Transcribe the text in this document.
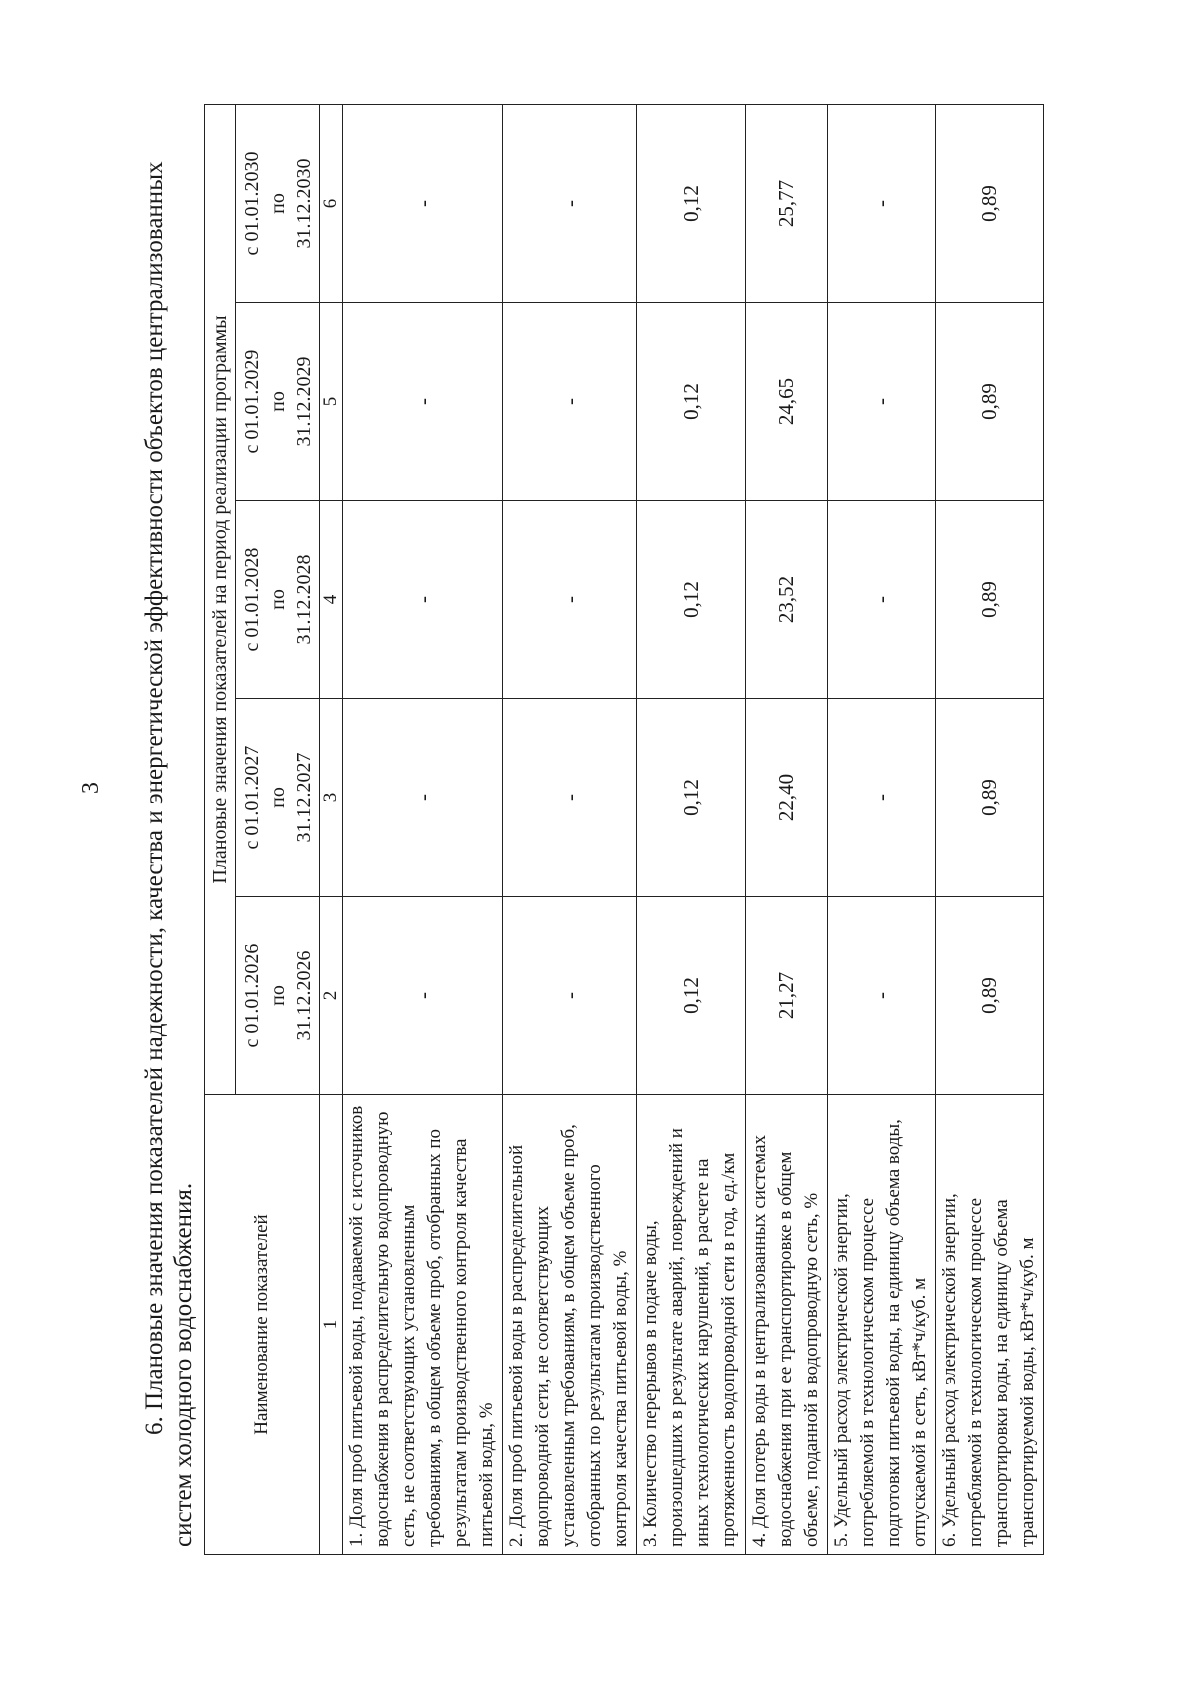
3 6. Плановые значения показателей надежности, качества и энергетической эффективности объектов централизованных систем холодного водоснабжения.	Наименование показателей	Плановые значения показателей на период реализации программы				
	с 01.01.2026 по 31.12.2026	с 01.01.2027 по 31.12.2027	с 01.01.2028 по 31.12.2028	с 01.01.2029 по 31.12.2029	с 01.01.2030 по 31.12.2030
1	2	3	4	5	6
1. Доля проб питьевой воды, подаваемой с источников водоснабжения в распределительную водопроводную сеть, не соответствующих установленным требованиям, в общем объеме проб, отобранных по результатам производственного контроля качества питьевой воды, %	-	-	-	-	-
2. Доля проб питьевой воды в распределительной водопроводной сети, не соответствующих установленным требованиям, в общем объеме проб, отобранных по результатам производственного контроля качества питьевой воды, %	-	-	-	-	-
3. Количество перерывов в подаче воды, произошедших в результате аварий, повреждений и иных технологических нарушений, в расчете на протяженность водопроводной сети в год, ед./км	0,12	0,12	0,12	0,12	0,12
4. Доля потерь воды в централизованных системах водоснабжения при ее транспортировке в общем объеме, поданной в водопроводную сеть, %	21,27	22,40	23,52	24,65	25,77
5. Удельный расход электрической энергии, потребляемой в технологическом процессе подготовки питьевой воды, на единицу объема воды, отпускаемой в сеть, кВт*ч/куб. м	-	-	-	-	-
6. Удельный расход электрической энергии, потребляемой в технологическом процессе транспортировки воды, на единицу объема транспортируемой воды, кВт*ч/куб. м	0,89	0,89	0,89	0,89	0,89
